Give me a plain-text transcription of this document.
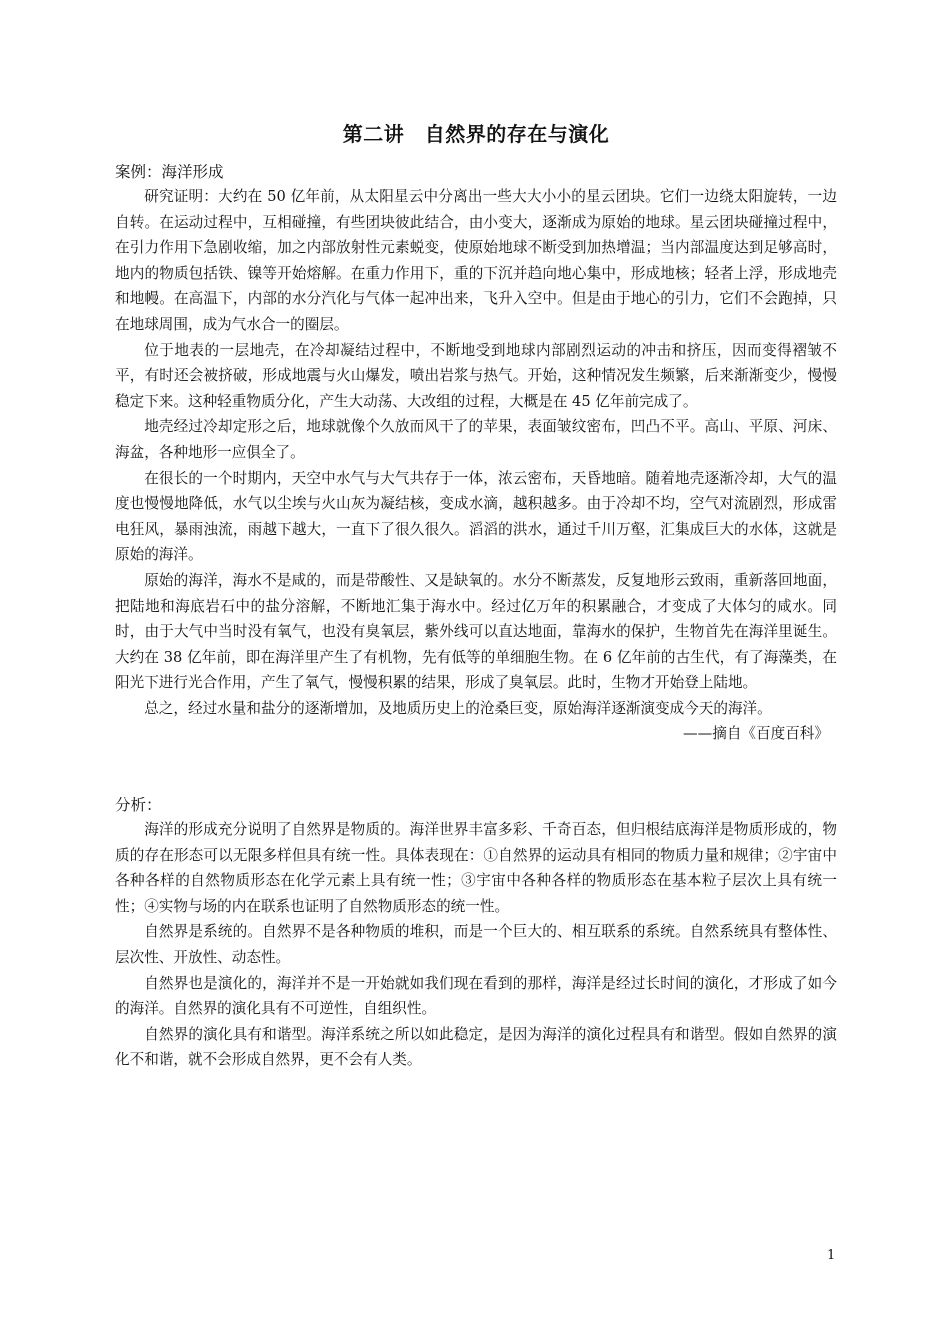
第二讲　自然界的存在与演化

案例：海洋形成

研究证明：大约在 50 亿年前，从太阳星云中分离出一些大大小小的星云团块。它们一边绕太阳旋转，一边自转。在运动过程中，互相碰撞，有些团块彼此结合，由小变大，逐渐成为原始的地球。星云团块碰撞过程中，在引力作用下急剧收缩，加之内部放射性元素蜕变，使原始地球不断受到加热增温；当内部温度达到足够高时，地内的物质包括铁、镍等开始熔解。在重力作用下，重的下沉并趋向地心集中，形成地核；轻者上浮，形成地壳和地幔。在高温下，内部的水分汽化与气体一起冲出来，飞升入空中。但是由于地心的引力，它们不会跑掉，只在地球周围，成为气水合一的圈层。

位于地表的一层地壳，在冷却凝结过程中，不断地受到地球内部剧烈运动的冲击和挤压，因而变得褶皱不平，有时还会被挤破，形成地震与火山爆发，喷出岩浆与热气。开始，这种情况发生频繁，后来渐渐变少，慢慢稳定下来。这种轻重物质分化，产生大动荡、大改组的过程，大概是在 45 亿年前完成了。

地壳经过冷却定形之后，地球就像个久放而风干了的苹果，表面皱纹密布，凹凸不平。高山、平原、河床、海盆，各种地形一应俱全了。

在很长的一个时期内，天空中水气与大气共存于一体，浓云密布，天昏地暗。随着地壳逐渐冷却，大气的温度也慢慢地降低，水气以尘埃与火山灰为凝结核，变成水滴，越积越多。由于冷却不均，空气对流剧烈，形成雷电狂风，暴雨浊流，雨越下越大，一直下了很久很久。滔滔的洪水，通过千川万壑，汇集成巨大的水体，这就是原始的海洋。

原始的海洋，海水不是咸的，而是带酸性、又是缺氧的。水分不断蒸发，反复地形云致雨，重新落回地面，把陆地和海底岩石中的盐分溶解，不断地汇集于海水中。经过亿万年的积累融合，才变成了大体匀的咸水。同时，由于大气中当时没有氧气，也没有臭氧层，紫外线可以直达地面，靠海水的保护，生物首先在海洋里诞生。大约在 38 亿年前，即在海洋里产生了有机物，先有低等的单细胞生物。在 6 亿年前的古生代，有了海藻类，在阳光下进行光合作用，产生了氧气，慢慢积累的结果，形成了臭氧层。此时，生物才开始登上陆地。

总之，经过水量和盐分的逐渐增加，及地质历史上的沧桑巨变，原始海洋逐渐演变成今天的海洋。

——摘自《百度百科》

分析：

海洋的形成充分说明了自然界是物质的。海洋世界丰富多彩、千奇百态，但归根结底海洋是物质形成的，物质的存在形态可以无限多样但具有统一性。具体表现在：①自然界的运动具有相同的物质力量和规律；②宇宙中各种各样的自然物质形态在化学元素上具有统一性；③宇宙中各种各样的物质形态在基本粒子层次上具有统一性；④实物与场的内在联系也证明了自然物质形态的统一性。

自然界是系统的。自然界不是各种物质的堆积，而是一个巨大的、相互联系的系统。自然系统具有整体性、层次性、开放性、动态性。

自然界也是演化的，海洋并不是一开始就如我们现在看到的那样，海洋是经过长时间的演化，才形成了如今的海洋。自然界的演化具有不可逆性，自组织性。

自然界的演化具有和谐型。海洋系统之所以如此稳定，是因为海洋的演化过程具有和谐型。假如自然界的演化不和谐，就不会形成自然界，更不会有人类。

1
